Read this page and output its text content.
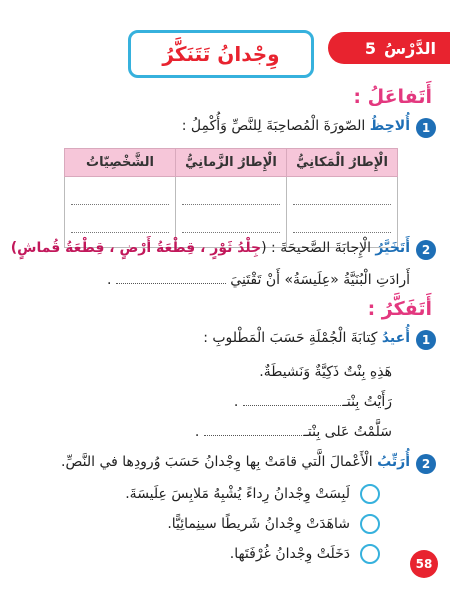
الدَّرْسُ
5
وِجْدانُ تَتَنَكَّرُ
أَتَفاعَلُ :
1
أُلاحِظُ الصّورَةَ الْمُصاحِبَةَ لِلنَّصِّ وَأُكْمِلُ :
الْإِطارُ الْمَكانِيُّ	الْإِطارُ الزَّمانِيُّ	الشَّخْصِيّاتُ

2
أَتَخَيَّرُ الْإِجابَةَ الصَّحيحَةَ : (جِلْدُ ثَوْرٍ ، قِطْعَةُ أَرْضٍ ، قِطْعَةُ قُماشٍ)
أَرادَتِ الْبُنَيَّةُ «عِلَيسَةُ» أَنْ تَقْتَنِيَ  .
أَتَفَكَّرُ :
1
أُعيدُ كِتابَةَ الْجُمْلَةِ حَسَبَ الْمَطْلوبِ :
هَذِهِ بِنْتٌ ذَكِيَّةٌ وَنَشيطَةٌ.
رَأَيْتُ بِنْتـ .
سَلَّمْتُ عَلى بِنْتـ .
2
أُرَتِّبُ الْأَعْمالَ الَّتي قامَتْ بِها وِجْدانُ حَسَبَ وُرودِها في النَّصِّ.
لَبِسَتْ وِجْدانُ رِداءً يُشْبِهُ مَلابِسَ عِلَيسَةَ.
شاهَدَتْ وِجْدانُ شَريطًا سينِمائِيًّا.
دَخَلَتْ وِجْدانُ غُرْفَتَها.
58
